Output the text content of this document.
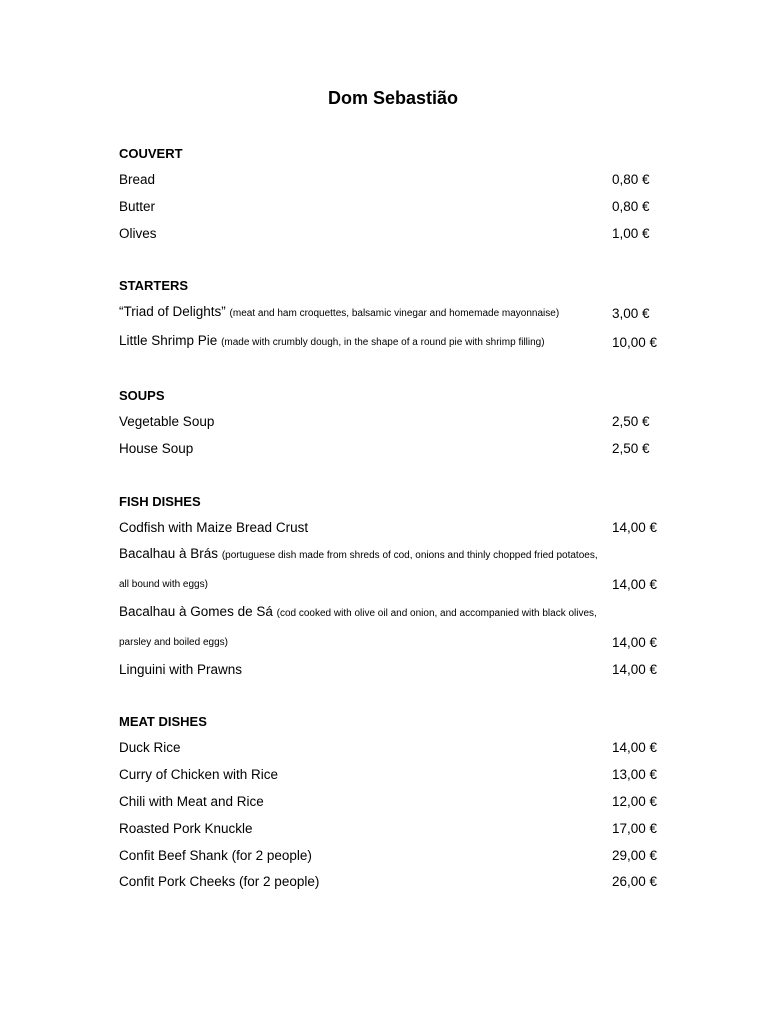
Dom Sebastião
COUVERT
Bread	0,80 €
Butter	0,80 €
Olives	1,00 €
STARTERS
“Triad of Delights” (meat and ham croquettes, balsamic vinegar and homemade mayonnaise)	3,00 €
Little Shrimp Pie (made with crumbly dough, in the shape of a round pie with shrimp filling)	10,00 €
SOUPS
Vegetable Soup	2,50 €
House Soup	2,50 €
FISH DISHES
Codfish with Maize Bread Crust	14,00 €
Bacalhau à Brás (portuguese dish made from shreds of cod, onions and thinly chopped fried potatoes, all bound with eggs)	14,00 €
Bacalhau à Gomes de Sá (cod cooked with olive oil and onion, and accompanied with black olives, parsley and boiled eggs)	14,00 €
Linguini with Prawns	14,00 €
MEAT DISHES
Duck Rice	14,00 €
Curry of Chicken with Rice	13,00 €
Chili with Meat and Rice	12,00 €
Roasted Pork Knuckle	17,00 €
Confit Beef Shank (for 2 people)	29,00 €
Confit Pork Cheeks (for 2 people)	26,00 €
